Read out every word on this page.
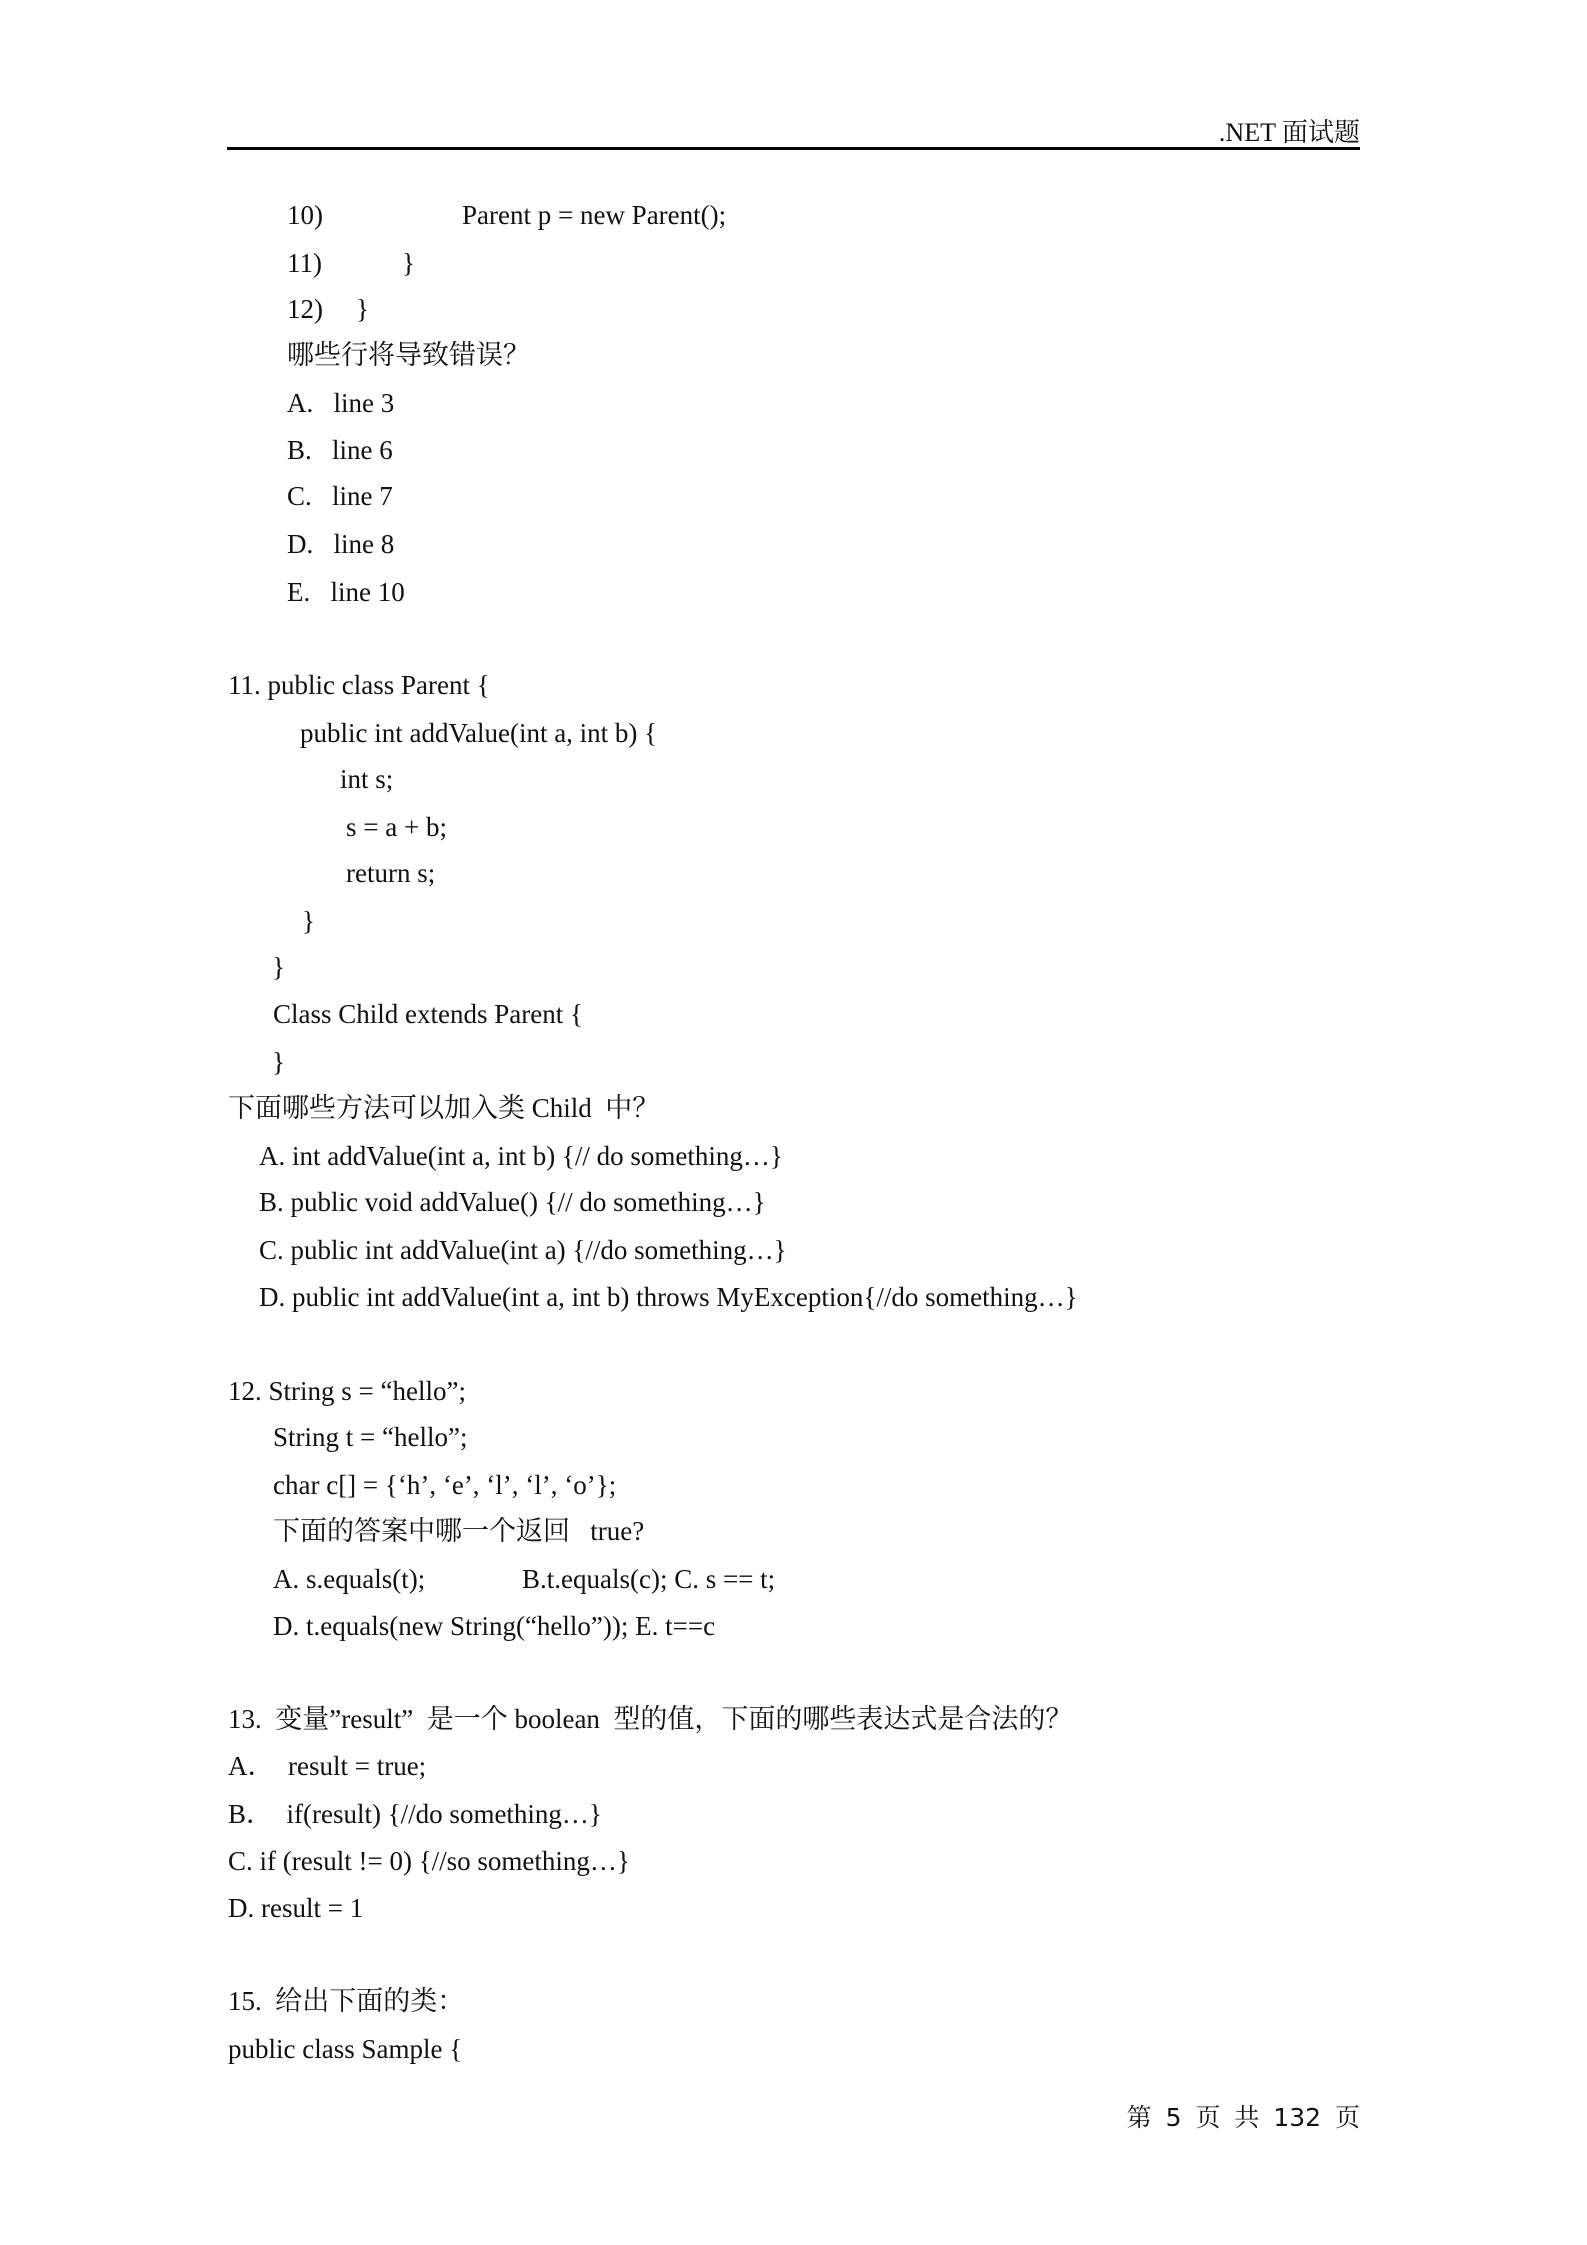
.NET 面试题
10)	Parent p = new Parent();
11)	}
12) }
哪些行将导致错误？
A.   line 3
B.   line 6
C.   line 7
D.   line 8
E.   line 10
11. public class Parent {
public int addValue(int a, int b) {
int s;
s = a + b;
return s;
}
}
Class Child extends Parent {
}
下面哪些方法可以加入类 Child  中？
A. int addValue(int a, int b) {// do something…}
B. public void addValue() {// do something…}
C. public int addValue(int a) {//do something…}
D. public int addValue(int a, int b) throws MyException{//do something…}
12. String s = “hello”;
String t = “hello”;
char c[] = {‘h’, ‘e’, ‘l’, ‘l’, ‘o’};
下面的答案中哪一个返回   true?
A. s.equals(t);	B.t.equals(c); C. s == t;
D. t.equals(new String(“hello”)); E. t==c
13.  变量”result”  是一个 boolean  型的值，下面的哪些表达式是合法的？
A．  result = true;
B．  if(result) {//do something…}
C. if (result != 0) {//so something…}
D. result = 1
15.  给出下面的类：
public class Sample {
第 5 页 共 132 页
